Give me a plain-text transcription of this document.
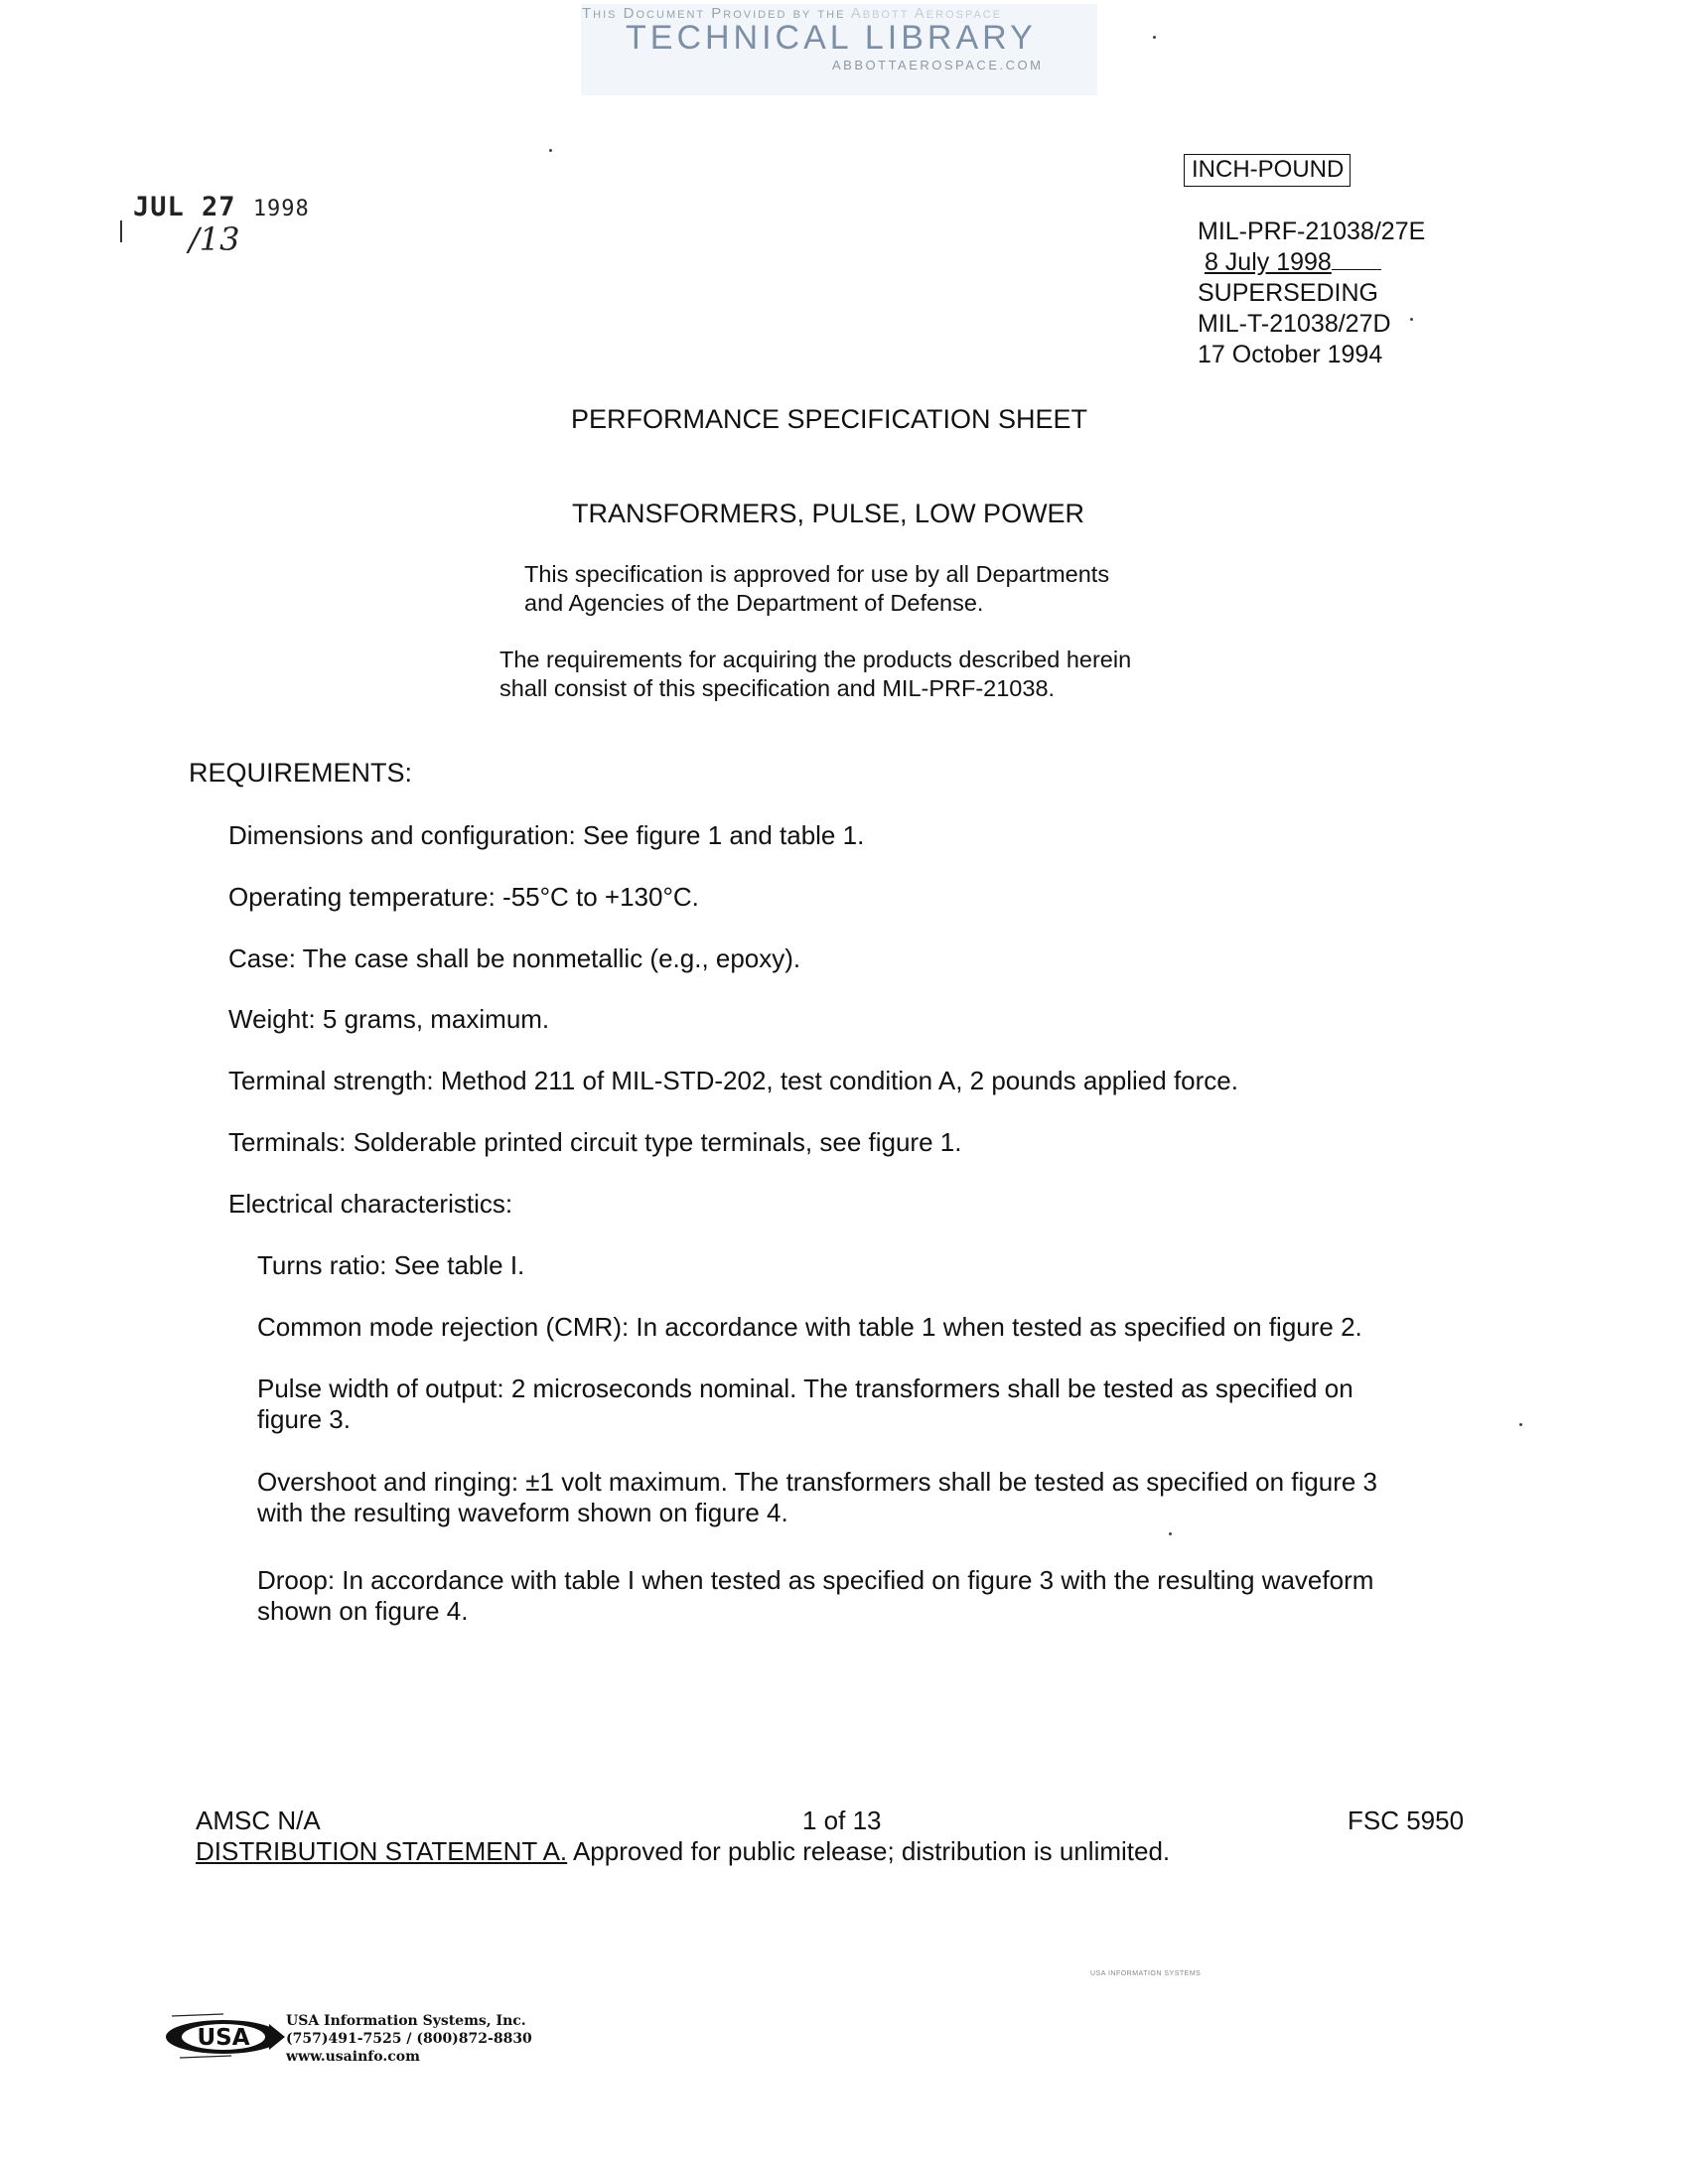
This Document Provided by the Abbott Aerospace
TECHNICAL LIBRARY
ABBOTTAEROSPACE.COM
JUL 27 1998
/13
INCH-POUND
MIL-PRF-21038/27E
8 July 1998
SUPERSEDING
MIL-T-21038/27D
17 October 1994
PERFORMANCE SPECIFICATION SHEET
TRANSFORMERS, PULSE, LOW POWER
This specification is approved for use by all Departments
and Agencies of the Department of Defense.
The requirements for acquiring the products described herein
shall consist of this specification and MIL-PRF-21038.
REQUIREMENTS:
Dimensions and configuration: See figure 1 and table 1.
Operating temperature: -55°C to +130°C.
Case: The case shall be nonmetallic (e.g., epoxy).
Weight: 5 grams, maximum.
Terminal strength: Method 211 of MIL-STD-202, test condition A, 2 pounds applied force.
Terminals: Solderable printed circuit type terminals, see figure 1.
Electrical characteristics:
Turns ratio: See table I.
Common mode rejection (CMR): In accordance with table 1 when tested as specified on figure 2.
Pulse width of output: 2 microseconds nominal. The transformers shall be tested as specified on
figure 3.
Overshoot and ringing: ±1 volt maximum. The transformers shall be tested as specified on figure 3
with the resulting waveform shown on figure 4.
Droop: In accordance with table I when tested as specified on figure 3 with the resulting waveform
shown on figure 4.
AMSC N/A	1 of 13	FSC 5950
DISTRIBUTION STATEMENT A. Approved for public release; distribution is unlimited.
USA
USA Information Systems, Inc.
(757)491-7525 / (800)872-8830
www.usainfo.com
USA INFORMATION SYSTEMS
